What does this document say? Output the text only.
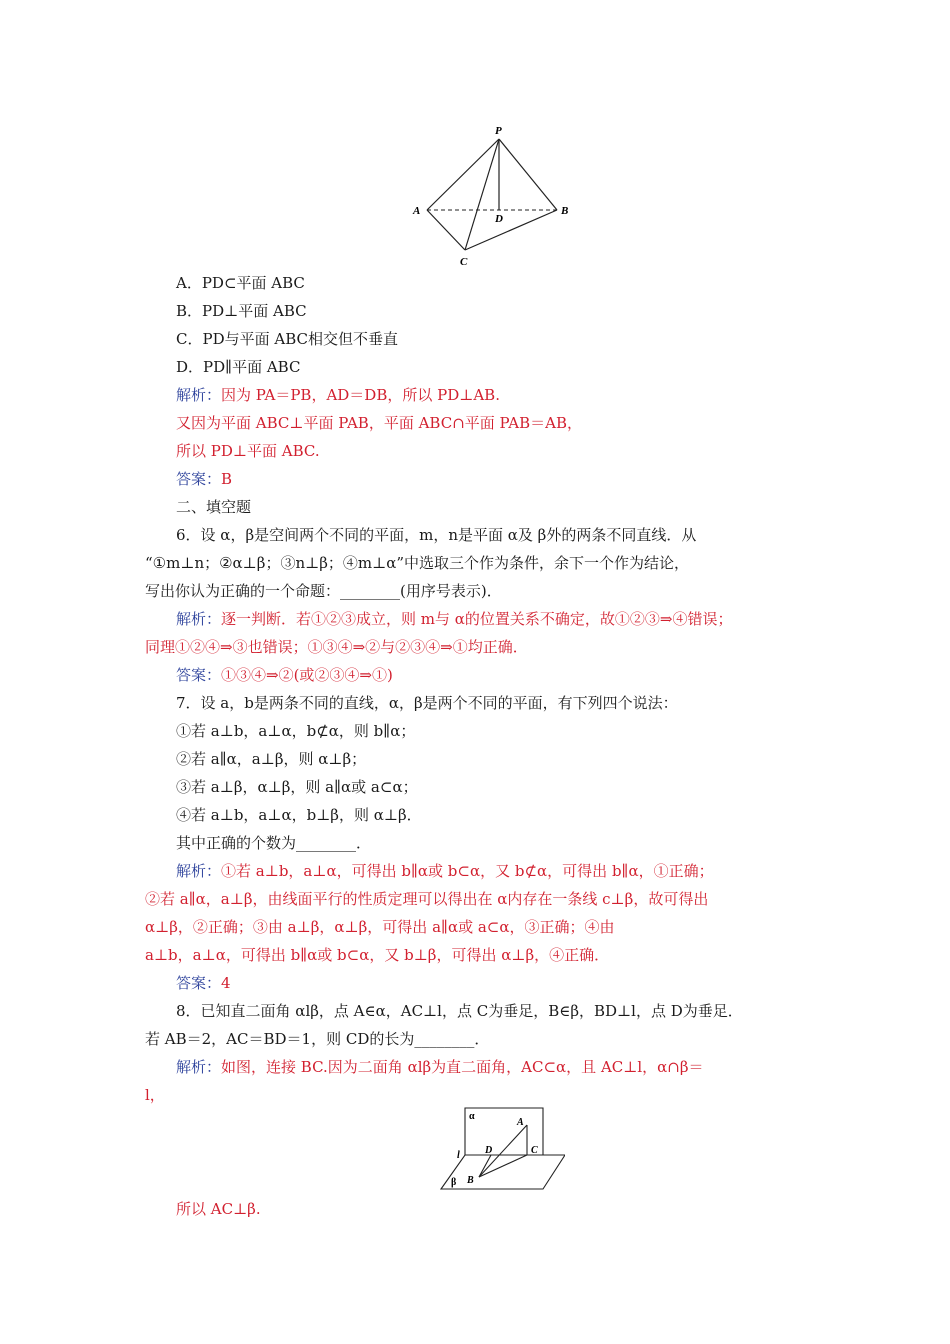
P
A	B
C
D
A．PD⊂平面 ABC
B．PD⊥平面 ABC
C．PD与平面 ABC相交但不垂直
D．PD∥平面 ABC
解析：因为 PA＝PB，AD＝DB，所以 PD⊥AB.
又因为平面 ABC⊥平面 PAB，平面 ABC∩平面 PAB＝AB，
所以 PD⊥平面 ABC.
答案：B
二、填空题
6．设 α，β是空间两个不同的平面，m，n是平面 α及 β外的两条不同直线．从
“①m⊥n；②α⊥β；③n⊥β；④m⊥α”中选取三个作为条件，余下一个作为结论，
写出你认为正确的一个命题：________(用序号表示)．
解析：逐一判断．若①②③成立，则 m与 α的位置关系不确定，故①②③⇒④错误；
同理①②④⇒③也错误；①③④⇒②与②③④⇒①均正确．
答案：①③④⇒②(或②③④⇒①)
7．设 a，b是两条不同的直线，α，β是两个不同的平面，有下列四个说法：
①若 a⊥b，a⊥α，b⊄α，则 b∥α；
②若 a∥α，a⊥β，则 α⊥β；
③若 a⊥β，α⊥β，则 a∥α或 a⊂α；
④若 a⊥b，a⊥α，b⊥β，则 α⊥β．
其中正确的个数为________．
解析：①若 a⊥b，a⊥α，可得出 b∥α或 b⊂α，又 b⊄α，可得出 b∥α，①正确；
②若 a∥α，a⊥β，由线面平行的性质定理可以得出在 α内存在一条线 c⊥β，故可得出
α⊥β，②正确；③由 a⊥β，α⊥β，可得出 a∥α或 a⊂α，③正确；④由
a⊥b，a⊥α，可得出 b∥α或 b⊂α，又 b⊥β，可得出 α⊥β，④正确．
答案：4
8．已知直二面角 αlβ，点 A∈α，AC⊥l，点 C为垂足，B∈β，BD⊥l，点 D为垂足．
若 AB＝2，AC＝BD＝1，则 CD的长为________．
解析：如图，连接 BC.因为二面角 αlβ为直二面角，AC⊂α，且 AC⊥l，α∩β＝
l，
α
β
l
A
B
C
D
所以 AC⊥β.
